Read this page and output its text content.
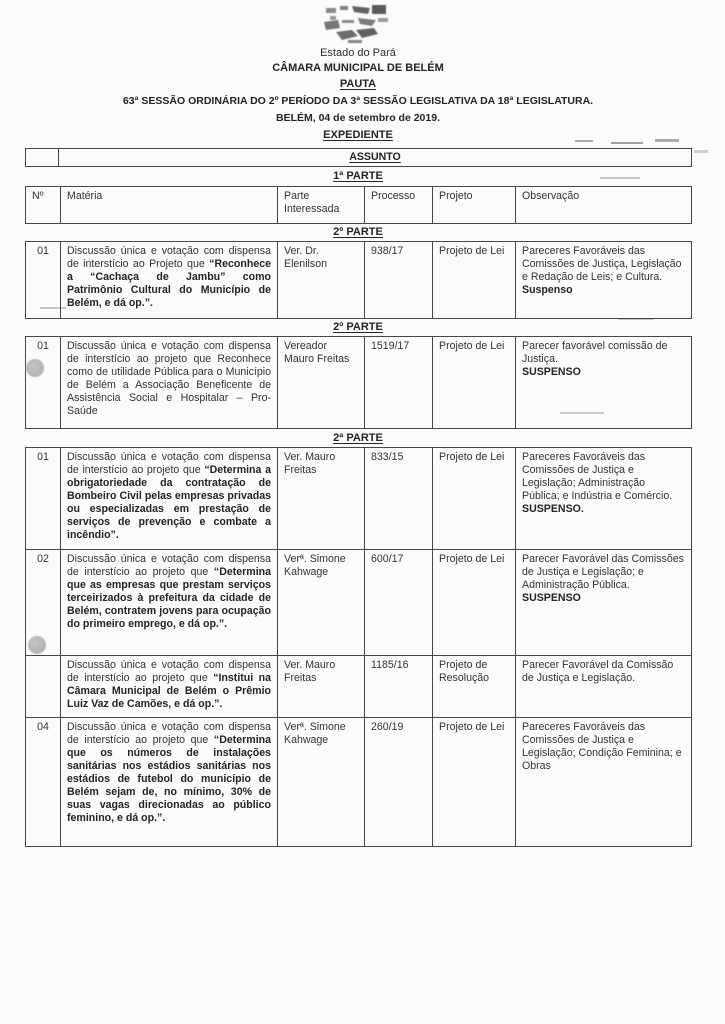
Estado do Pará
CÂMARA MUNICIPAL DE BELÉM
PAUTA
63ª SESSÃO ORDINÁRIA DO 2º PERÍODO DA 3ª SESSÃO LEGISLATIVA DA 18ª LEGISLATURA.
BELÉM, 04 de setembro de 2019.
EXPEDIENTE
	ASSUNTO
1ª PARTE
Nº	Matéria	Parte Interessada	Processo	Projeto	Observação
2º PARTE
01	Discussão única e votação com dispensa de interstício ao Projeto que “Reconhece a “Cachaça de Jambu” como Patrimônio Cultural do Município de Belém, e dá op.”.	Ver. Dr. Elenilson	938/17	Projeto de Lei	Pareceres Favoráveis das Comissões de Justiça, Legislação e Redação de Leis; e Cultura.
Suspenso
2º PARTE
01	Discussão única e votação com dispensa de interstício ao projeto que Reconhece como de utilidade Pública para o Município de Belém a Associação Beneficente de Assistência Social e Hospitalar – Pro-Saúde	Vereador Mauro Freitas	1519/17	Projeto de Lei	Parecer favorável comissão de Justiça.
SUSPENSO
2ª PARTE
01	Discussão única e votação com dispensa de interstício ao projeto que “Determina a obrigatoriedade da contratação de Bombeiro Civil pelas empresas privadas ou especializadas em prestação de serviços de prevenção e combate a incêndio”.	Ver. Mauro Freitas	833/15	Projeto de Lei	Pareceres Favoráveis das Comissões de Justiça e Legislação; Administração Pública; e Indústria e Comércio.
SUSPENSO.

02	Discussão única e votação com dispensa de interstício ao projeto que “Determina que as empresas que prestam serviços terceirizados à prefeitura da cidade de Belém, contratem jovens para ocupação do primeiro emprego, e dá op.”.	Verª. Simone Kahwage	600/17	Projeto de Lei	Parecer Favorável das Comissões de Justiça e Legislação; e Administração Pública.
SUSPENSO

	Discussão única e votação com dispensa de interstício ao projeto que “Institui na Câmara Municipal de Belém o Prêmio Luiz Vaz de Camões, e dá op.”.	Ver. Mauro Freitas	1185/16	Projeto de Resolução	Parecer Favorável da Comissão de Justiça e Legislação.

04	Discussão única e votação com dispensa de interstício ao projeto que “Determina que os números de instalações sanitárias nos estádios sanitárias nos estádios de futebol do município de Belém sejam de, no mínimo, 30% de suas vagas direcionadas ao público feminino, e dá op.”.	Verª. Simone Kahwage	260/19	Projeto de Lei	Pareceres Favoráveis das Comissões de Justiça e Legislação; Condição Feminina; e Obras
